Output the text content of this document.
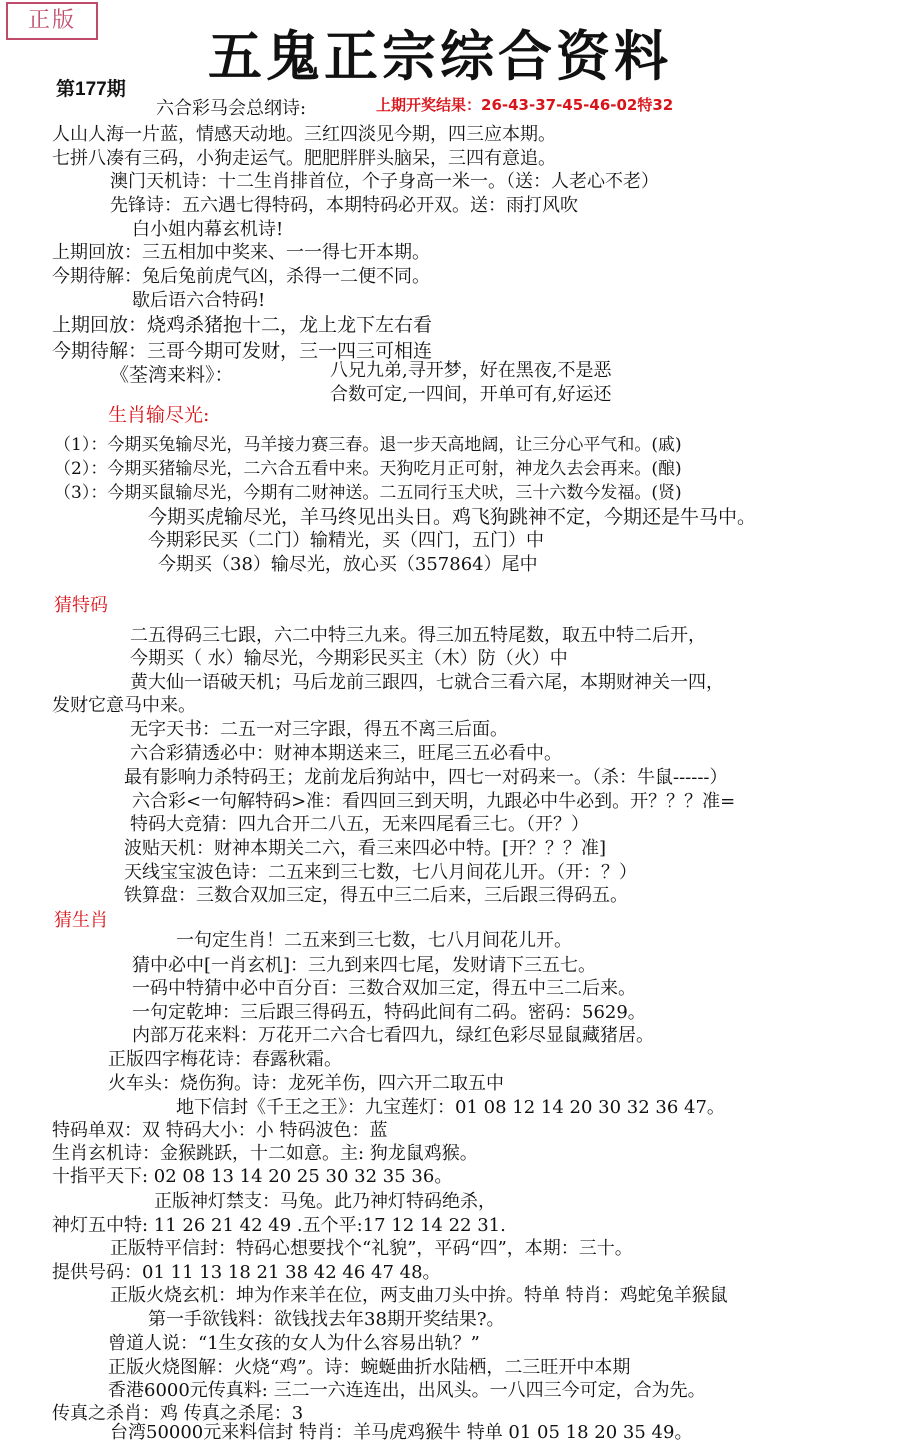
正版
五鬼正宗综合资料
第177期
上期开奖结果：26-43-37-45-46-02特32
六合彩马会总纲诗:
人山人海一片蓝，情感天动地。三红四淡见今期，四三应本期。
七拼八凑有三码，小狗走运气。肥肥胖胖头脑呆，三四有意追。
澳门天机诗：十二生肖排首位，个子身高一米一。（送：人老心不老）
先锋诗：五六遇七得特码，本期特码必开双。送：雨打风吹
白小姐内幕玄机诗!
上期回放：三五相加中奖来、一一得七开本期。
今期待解：兔后兔前虎气凶，杀得一二便不同。
歇后语六合特码!
上期回放：烧鸡杀猪抱十二，龙上龙下左右看
今期待解：三哥今期可发财，三一四三可相连
《荃湾来料》：	八兄九弟,寻开梦，好在黑夜,不是恶
合数可定,一四间，开单可有,好运还
生肖输尽光:
（1）：今期买兔输尽光，马羊接力赛三春。退一步天高地阔，让三分心平气和。(戚)
（2）：今期买猪输尽光，二六合五看中来。天狗吃月正可射，神龙久去会再来。(酿)
（3）：今期买鼠输尽光，今期有二财神送。二五同行玉犬吠，三十六数今发福。(贤)
今期买虎输尽光，羊马终见出头日。鸡飞狗跳神不定，今期还是牛马中。
今期彩民买（二门）输精光，买（四门，五门）中
今期买（38）输尽光，放心买（357864）尾中
猜特码
二五得码三七跟，六二中特三九来。得三加五特尾数，取五中特二后开，
今期买（ 水）输尽光，今期彩民买主（木）防（火）中
黄大仙一语破天机；马后龙前三跟四，七就合三看六尾，本期财神关一四，
发财它意马中来。
无字天书：二五一对三字跟，得五不离三后面。
六合彩猜透必中：财神本期送来三，旺尾三五必看中。
最有影响力杀特码王；龙前龙后狗站中，四七一对码来一。（杀：牛鼠------）
六合彩<一句解特码>准：看四回三到天明，九跟必中牛必到。开？？？准=
特码大竞猜：四九合开二八五，无来四尾看三七。（开？）
波贴天机：财神本期关二六，看三来四必中特。[开？？？准]
天线宝宝波色诗：二五来到三七数，七八月间花儿开。（开：？）
铁算盘：三数合双加三定，得五中三二后来，三后跟三得码五。
猜生肖
一句定生肖！二五来到三七数，七八月间花儿开。
猜中必中[一肖玄机]：三九到来四七尾，发财请下三五七。
一码中特猜中必中百分百：三数合双加三定，得五中三二后来。
一句定乾坤：三后跟三得码五，特码此间有二码。密码：5629。
内部万花来料：万花开二六合七看四九，绿红色彩尽显鼠藏猪居。
正版四字梅花诗：春露秋霜。
火车头：烧伤狗。诗：龙死羊伤，四六开二取五中
地下信封《千王之王》：九宝莲灯：01 08 12 14 20 30 32 36 47。
特码单双：双 特码大小：小 特码波色：蓝
生肖玄机诗：金猴跳跃，十二如意。主: 狗龙鼠鸡猴。
十指平天下: 02 08 13 14 20 25 30 32 35 36。
正版神灯禁支：马兔。此乃神灯特码绝杀，
神灯五中特: 11 26 21 42 49 .五个平:17 12 14 22 31.
正版特平信封：特码心想要找个“礼貌”，平码“四”，本期：三十。
提供号码：01 11 13 18 21 38 42 46 47 48。
正版火烧玄机：坤为作来羊在位，两支曲刀头中拚。特单 特肖：鸡蛇兔羊猴鼠
第一手欲钱料：欲钱找去年38期开奖结果?。
曾道人说：“1生女孩的女人为什么容易出轨？”
正版火烧图解：火烧“鸡”。诗：蜿蜒曲折水陆栖，二三旺开中本期
香港6000元传真料: 三二一六连连出，出风头。一八四三今可定，合为先。
传真之杀肖：鸡 传真之杀尾：3
台湾50000元来料信封 特肖：羊马虎鸡猴牛 特单 01 05 18 20 35 49。
